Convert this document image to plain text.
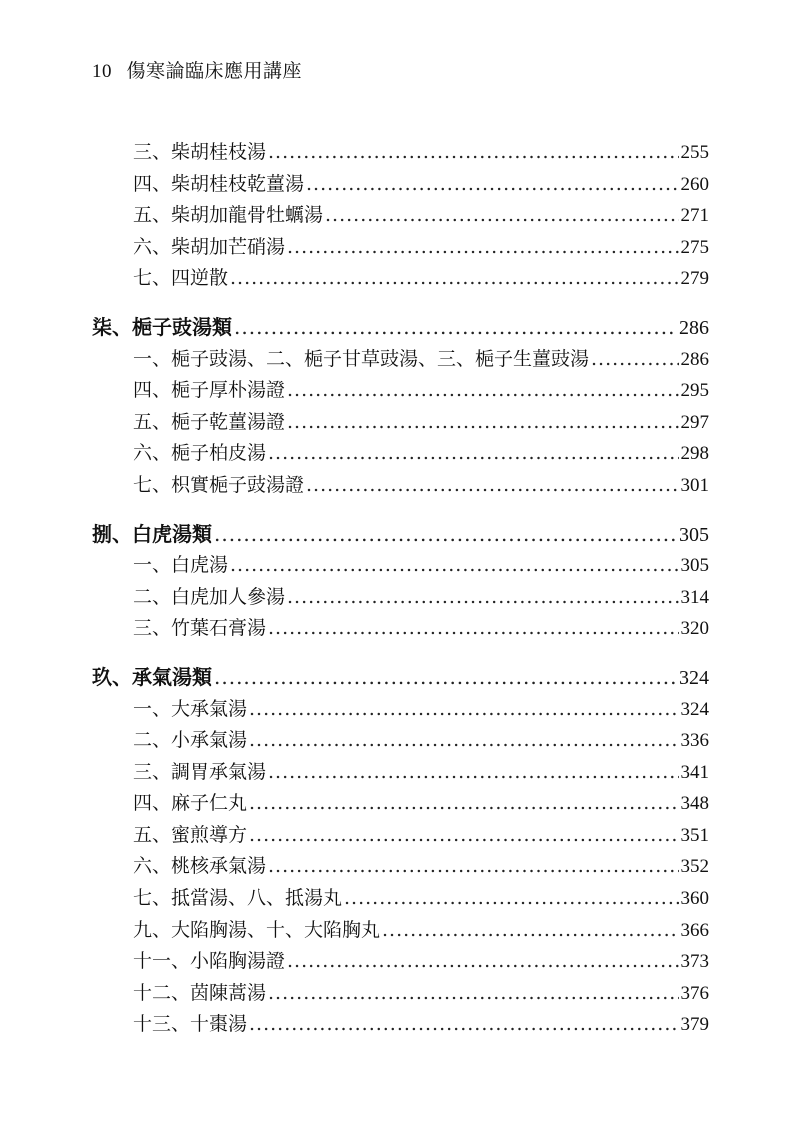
10 傷寒論臨床應用講座
三、柴胡桂枝湯 .....	255
四、柴胡桂枝乾薑湯 .....	260
五、柴胡加龍骨牡蠣湯 .....	271
六、柴胡加芒硝湯 .....	275
七、四逆散 .....	279
柒、梔子豉湯類 .....	286
一、梔子豉湯、二、梔子甘草豉湯、三、梔子生薑豉湯 .....	286
四、梔子厚朴湯證 .....	295
五、梔子乾薑湯證 .....	297
六、梔子柏皮湯 .....	298
七、枳實梔子豉湯證 .....	301
捌、白虎湯類 .....	305
一、白虎湯 .....	305
二、白虎加人參湯 .....	314
三、竹葉石膏湯 .....	320
玖、承氣湯類 .....	324
一、大承氣湯 .....	324
二、小承氣湯 .....	336
三、調胃承氣湯 .....	341
四、麻子仁丸 .....	348
五、蜜煎導方 .....	351
六、桃核承氣湯 .....	352
七、抵當湯、八、抵湯丸 .....	360
九、大陷胸湯、十、大陷胸丸 .....	366
十一、小陷胸湯證 .....	373
十二、茵陳蒿湯 .....	376
十三、十棗湯 .....	379
